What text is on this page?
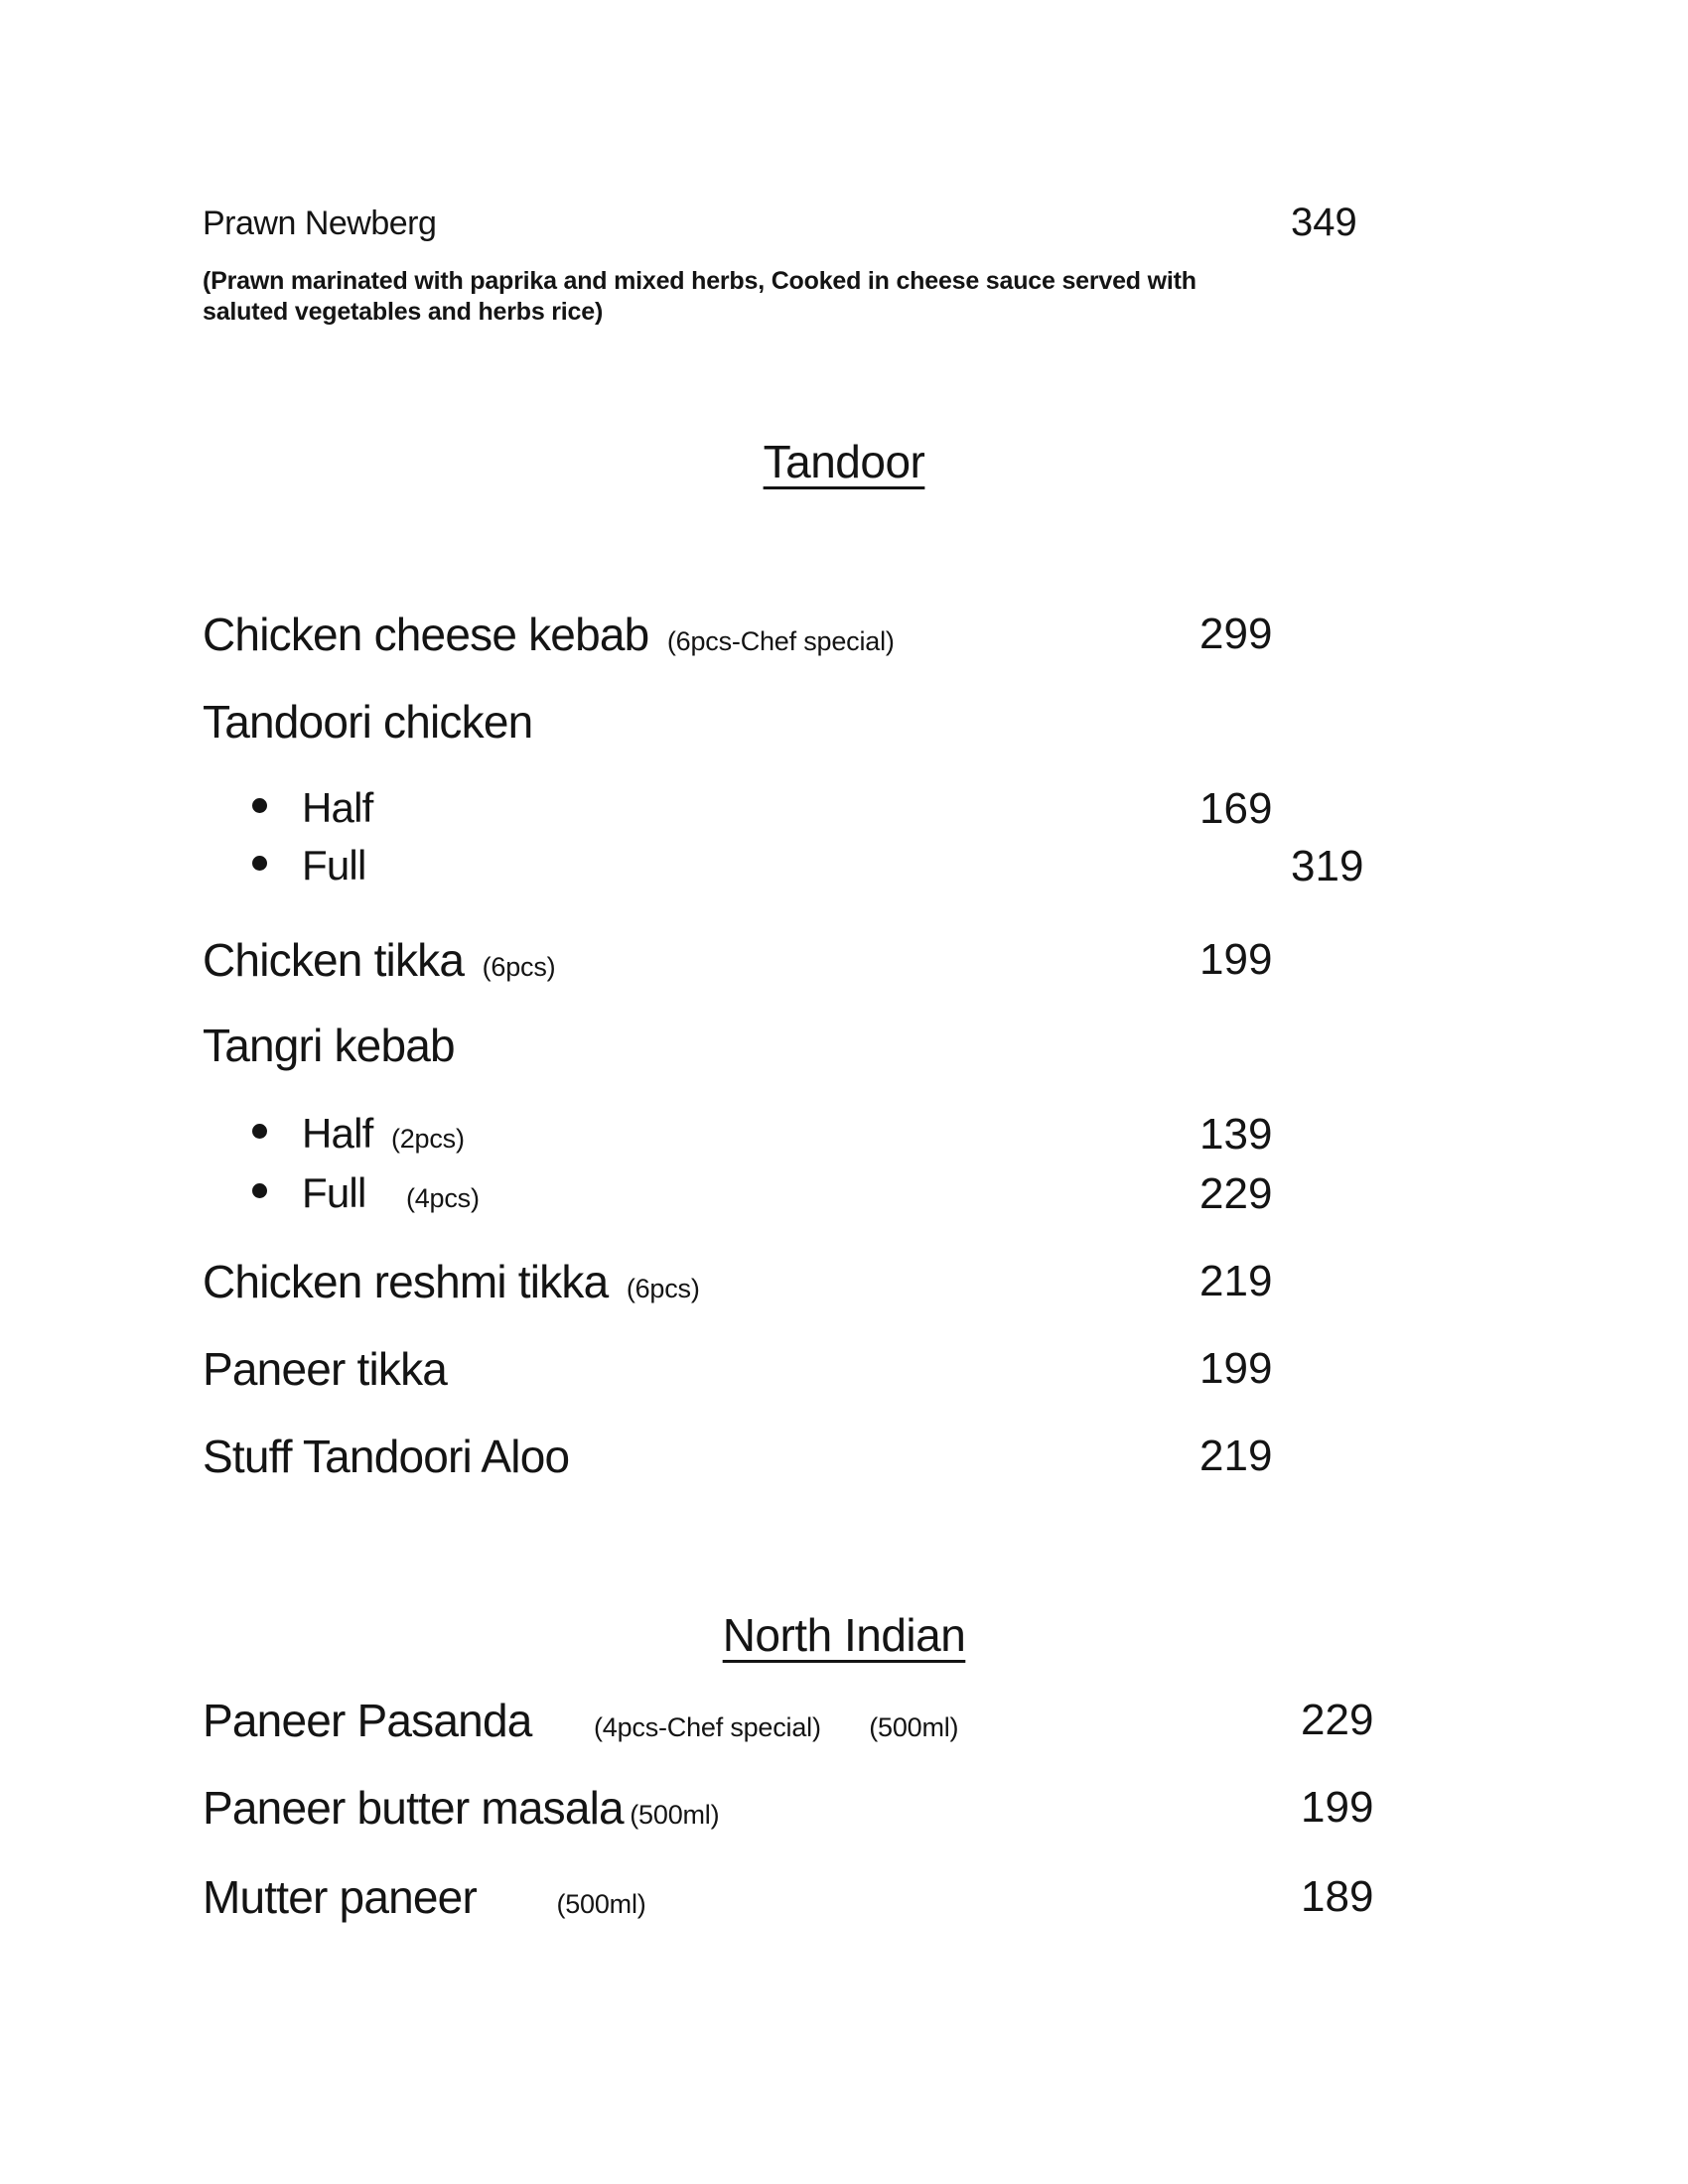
Prawn Newberg	349
(Prawn marinated with paprika and mixed herbs, Cooked in cheese sauce served with
saluted vegetables and herbs rice)
Tandoor
Chicken cheese kebab (6pcs-Chef special)	299
Tandoori chicken
Half	169
Full	319
Chicken tikka (6pcs)	199
Tangri kebab
Half (2pcs)	139
Full (4pcs)	229
Chicken reshmi tikka (6pcs)	219
Paneer tikka	199
Stuff Tandoori Aloo	219
North Indian
Paneer Pasanda (4pcs-Chef special) (500ml)	229
Paneer butter masala (500ml)	199
Mutter paneer	(500ml)	189
